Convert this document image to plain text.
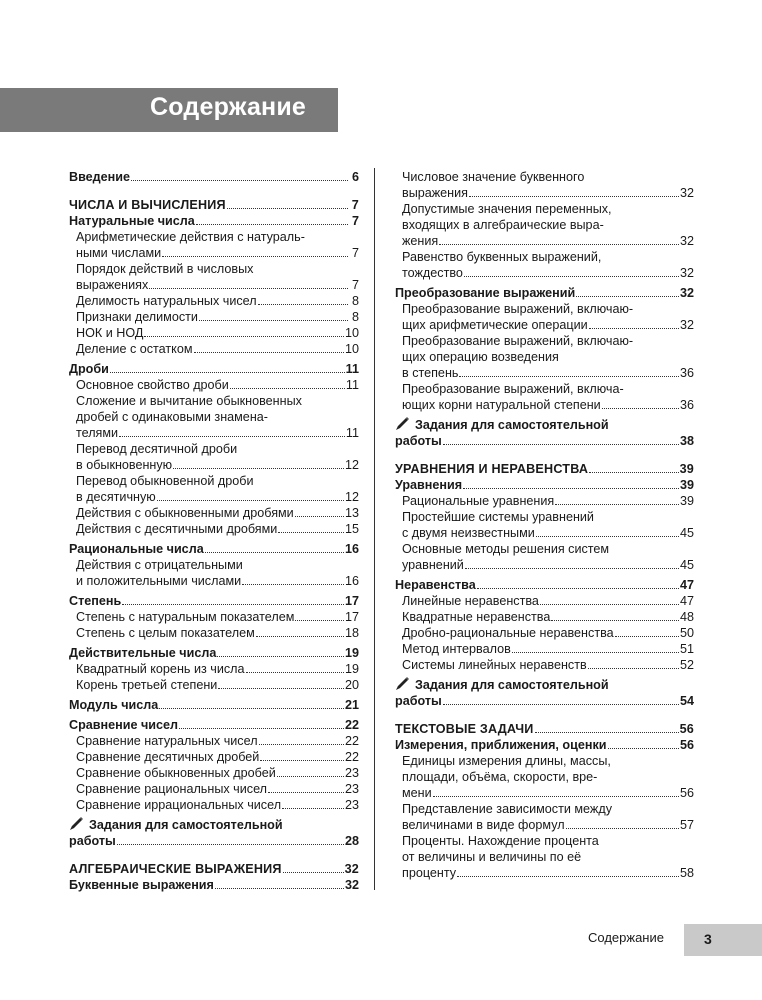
Содержание
Введение	6
ЧИСЛА И ВЫЧИСЛЕНИЯ	7
Натуральные числа	7
Арифметические действия с натураль-
ными числами	7
Порядок действий в числовых
выражениях	7
Делимость натуральных чисел	8
Признаки делимости	8
НОК и НОД	10
Деление с остатком	10
Дроби	11
Основное свойство дроби	11
Сложение и вычитание обыкновенных
дробей с одинаковыми знамена-
телями	11
Перевод десятичной дроби
в обыкновенную	12
Перевод обыкновенной дроби
в десятичную	12
Действия с обыкновенными дробями	13
Действия с десятичными дробями	15
Рациональные числа	16
Действия с отрицательными
и положительными числами	16
Степень	17
Степень с натуральным показателем	17
Степень с целым показателем	18
Действительные числа	19
Квадратный корень из числа	19
Корень третьей степени	20
Модуль числа	21
Сравнение чисел	22
Сравнение натуральных чисел	22
Сравнение десятичных дробей	22
Сравнение обыкновенных дробей	23
Сравнение рациональных чисел	23
Сравнение иррациональных чисел	23
Задания для самостоятельной
работы	28
АЛГЕБРАИЧЕСКИЕ ВЫРАЖЕНИЯ	32
Буквенные выражения	32
Числовое значение буквенного
выражения	32
Допустимые значения переменных,
входящих в алгебраические выра-
жения	32
Равенство буквенных выражений,
тождество	32
Преобразование выражений	32
Преобразование выражений, включаю-
щих арифметические операции	32
Преобразование выражений, включаю-
щих операцию возведения
в степень	36
Преобразование выражений, включа-
ющих корни натуральной степени	36
Задания для самостоятельной
работы	38
УРАВНЕНИЯ И НЕРАВЕНСТВА	39
Уравнения	39
Рациональные уравнения	39
Простейшие системы уравнений
с двумя неизвестными	45
Основные методы решения систем
уравнений	45
Неравенства	47
Линейные неравенства	47
Квадратные неравенства	48
Дробно-рациональные неравенства	50
Метод интервалов	51
Системы линейных неравенств	52
Задания для самостоятельной
работы	54
ТЕКСТОВЫЕ ЗАДАЧИ	56
Измерения, приближения, оценки	56
Единицы измерения длины, массы,
площади, объёма, скорости, вре-
мени	56
Представление зависимости между
величинами в виде формул	57
Проценты. Нахождение процента
от величины и величины по её
проценту	58
Содержание	3
